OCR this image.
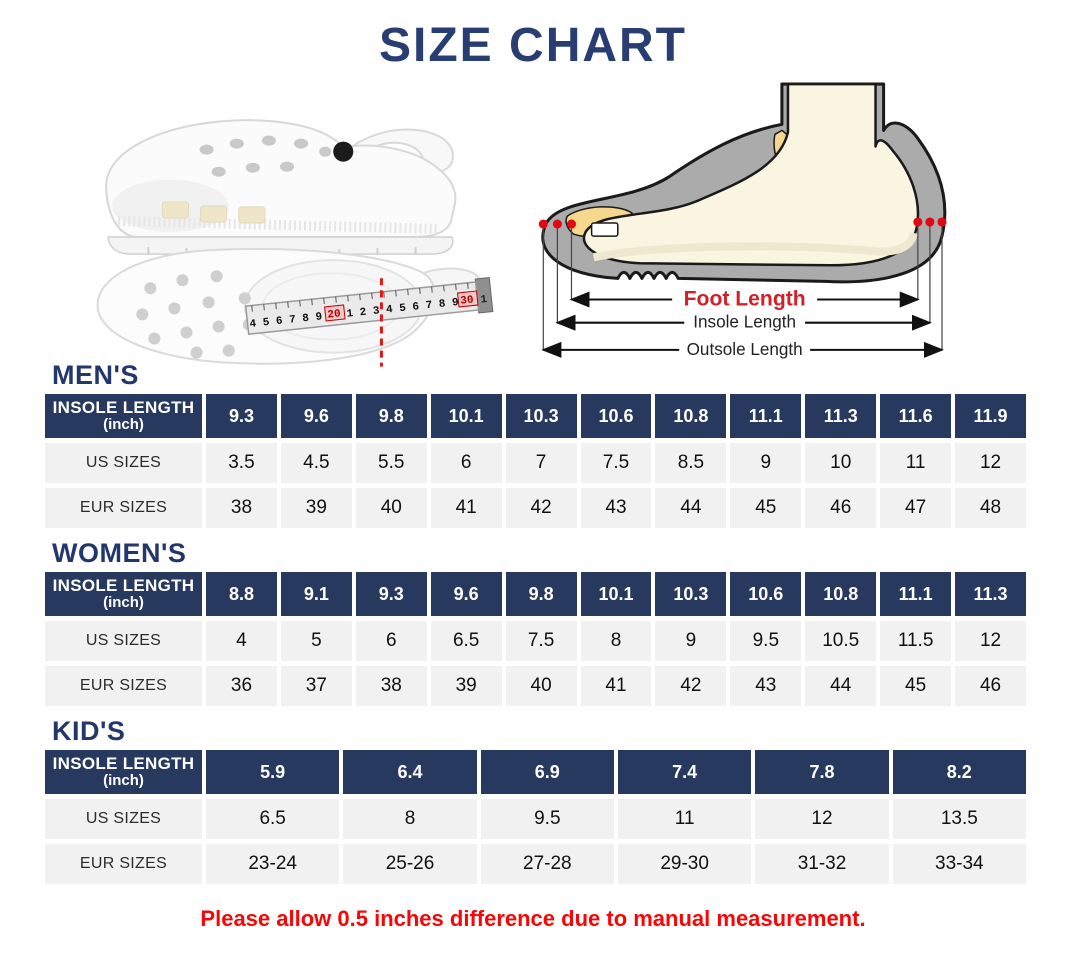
SIZE CHART
4 5 6 7 8 9 20 1 2 3 4 5 6 7 8 9 30 1	Foot Length
Insole Length
Outsole Length
MEN'S
INSOLE LENGTH
(inch)	9.3	9.6	9.8	10.1	10.3	10.6	10.8	11.1	11.3	11.6	11.9
US SIZES	3.5	4.5	5.5	6	7	7.5	8.5	9	10	11	12
EUR SIZES	38	39	40	41	42	43	44	45	46	47	48
WOMEN'S
INSOLE LENGTH
(inch)	8.8	9.1	9.3	9.6	9.8	10.1	10.3	10.6	10.8	11.1	11.3
US SIZES	4	5	6	6.5	7.5	8	9	9.5	10.5	11.5	12
EUR SIZES	36	37	38	39	40	41	42	43	44	45	46
KID'S
INSOLE LENGTH
(inch)	5.9	6.4	6.9	7.4	7.8	8.2
US SIZES	6.5	8	9.5	11	12	13.5
EUR SIZES	23-24	25-26	27-28	29-30	31-32	33-34
Please allow 0.5 inches difference due to manual measurement.
